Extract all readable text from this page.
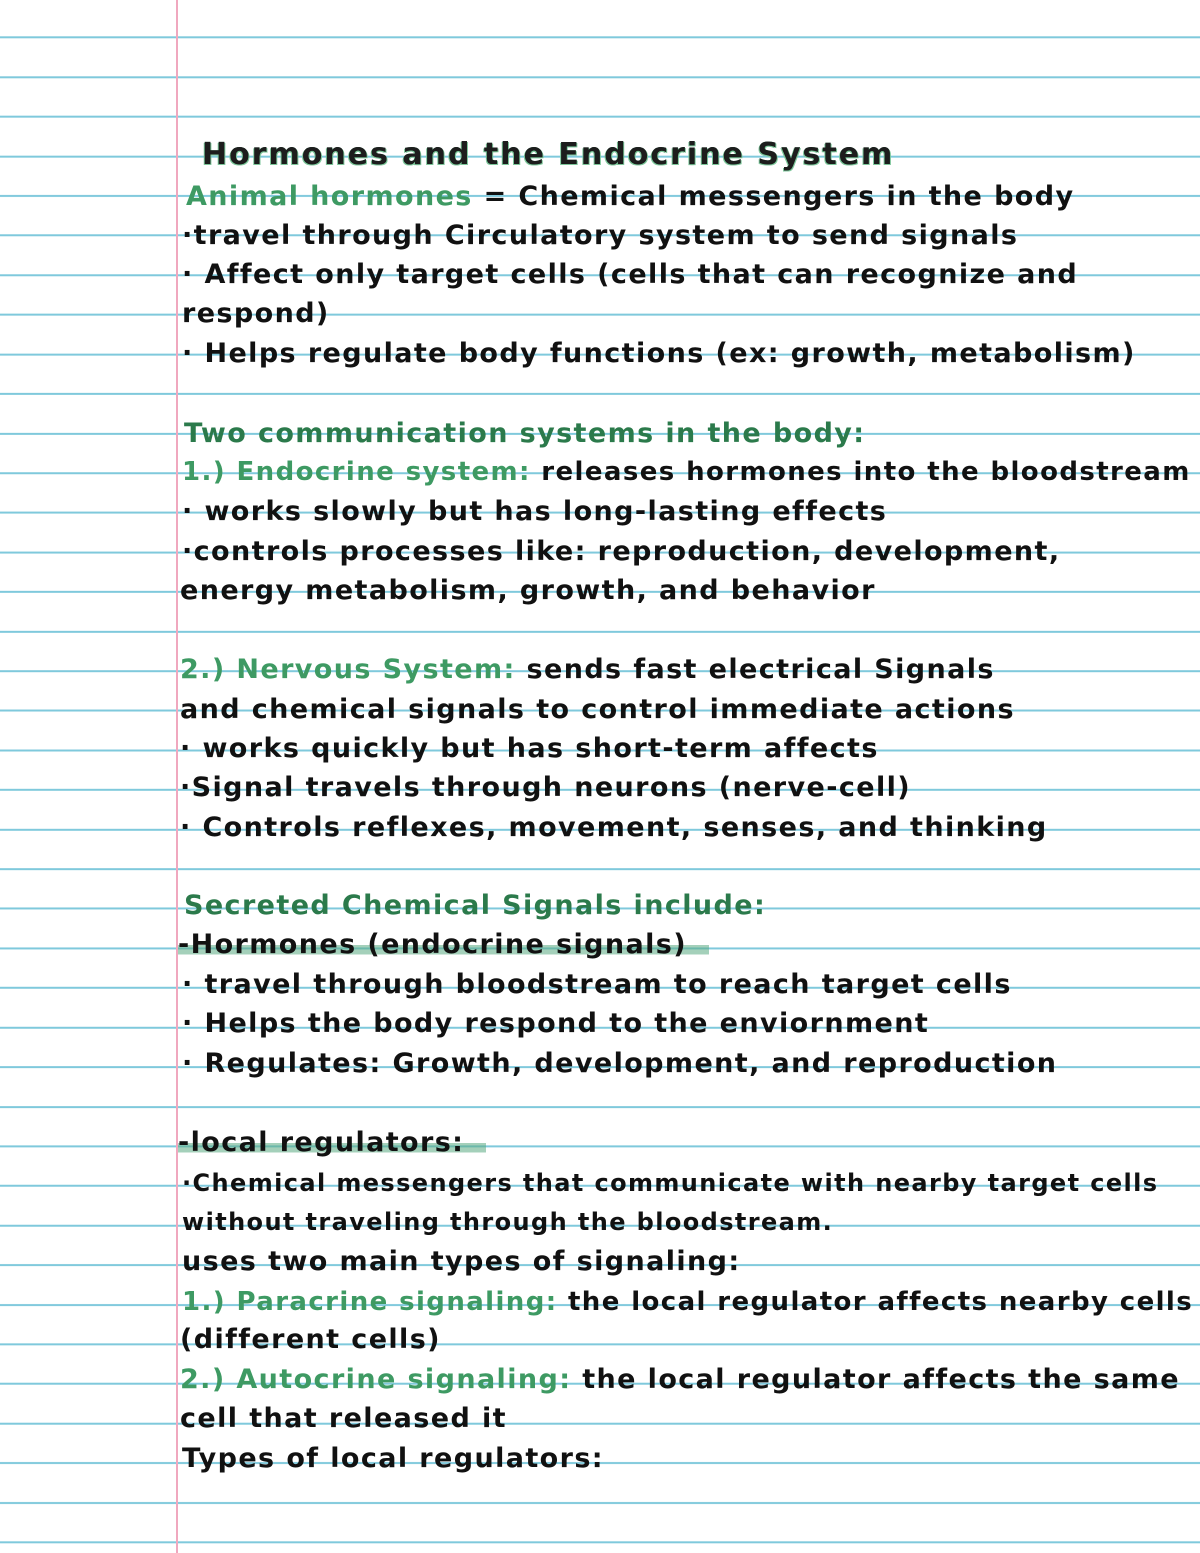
Hormones and the Endocrine System
Animal hormones = Chemical messengers in the body
·travel through Circulatory system to send signals
· Affect only target cells (cells that can recognize and
respond)
· Helps regulate body functions (ex: growth, metabolism)
Two communication systems in the body:
1.) Endocrine system: releases hormones into the bloodstream
· works slowly but has long-lasting effects
·controls processes like: reproduction, development,
energy metabolism, growth, and behavior
2.) Nervous System: sends fast electrical Signals
and chemical signals to control immediate actions
· works quickly but has short-term affects
·Signal travels through neurons (nerve-cell)
· Controls reflexes, movement, senses, and thinking
Secreted Chemical Signals include:
-Hormones (endocrine signals)
· travel through bloodstream to reach target cells
· Helps the body respond to the enviornment
· Regulates: Growth, development, and reproduction
-local regulators:
·Chemical messengers that communicate with nearby target cells
without traveling through the bloodstream.
uses two main types of signaling:
1.) Paracrine signaling: the local regulator affects nearby cells
(different cells)
2.) Autocrine signaling: the local regulator affects the same
cell that released it
Types of local regulators:
